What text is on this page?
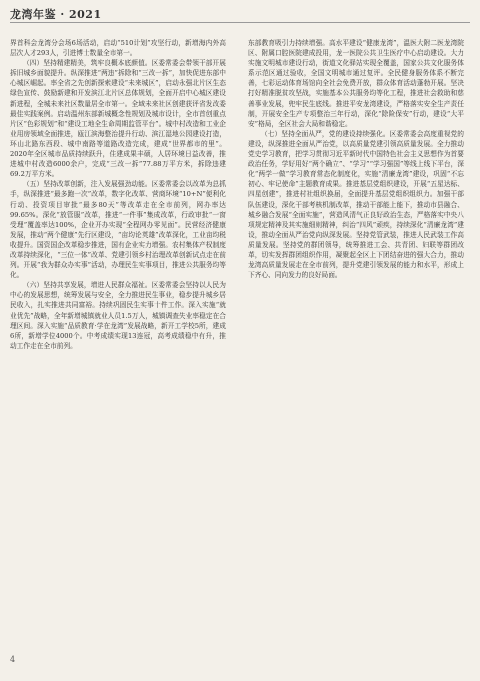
龙湾年鉴 · 2021

界首科会龙湾分会场6场活动，启动“510计划”攻坚行动，新增海内外高层次人才293人，引进博士数量全市第一。

（四）坚持精建精美，筑牢良概本底颜值。区委常委会带领干部开展拆旧城乡面貌提升。纵深推进“两违”拆除和“三改一拆”，加快促进东部中心城区崛起。率全省之先创新探索建设“未来城区”，启动永强北片区生态绿色宣传、鼓励新建和开发滨江北片区总体规划，全面开启中心城区建设新进程，全城未来社区数量居全市第一。全域未来社区创建获评省发改委最佳实践案例。启动温州东部新城概念性规划及城市设计，全市首创重点片区“色彩规划”和“建设工地全生命周期监管平台”。城中村改造和工业企业用房领域全面推进，瓯江滨海整治提升行动、滨江湿地公园建设打造，环山北路东西段、城中南路等道路改造完成，建成“世界都市的里”。2020年全区城市品质持续跃升，住建成果丰硕，人居环境日益改善，推进城中村改造6000余户，完成“三改一拆”77.88万平方米，拆除违建69.2万平方米。

（五）坚持改革创新，注入发展强劲动能。区委常委会以改革为总抓手，纵深推进“最多跑一次”改革，数字化改革、营商环境“10+N”便利化行动、投资项目审批“最多80天”等改革走在全市前列，网办率达99.65%。深化“放管服”改革，推进“一件事”集成改革，行政审批“一窗受理”覆盖率达100%，企业开办实现“全程网办零见面”。民营经济健康发展，推动“两个健康”先行区建设，“亩均论英雄”改革深化，工业亩均税收提升。国资国企改革稳步推进，国有企业实力增强。农村集体产权制度改革持续深化，“三位一体”改革、党建引领乡村治理改革创新试点走在前列。开展“我为群众办实事”活动，办理民生实事项目，推进公共服务均等化。

（六）坚持共享发展，增进人民群众福祉。区委常委会坚持以人民为中心的发展思想，统筹发展与安全，全力推进民生事业，稳步提升城乡居民收入，扎实推进共同富裕。持续巩固民生实事十件工作。深入实施“就业优先”战略，全年新增城镇就业人员1.5万人，城镇调查失业率稳定在合理区间。深入实施“品质教育·学在龙湾”发展战略，新开工学校5所，建成6所，新增学位4000个。中考成绩实现13连冠，高考成绩稳中有升，推动工作走在全市前列。

东部教育吸引力持续增强。高水平建设“健康龙湾”，温医大附二医龙湾院区、附属口腔医院建成投用，龙一医院公共卫生医疗中心启动建设。大力实施文明城市建设行动，街道文化驿站实现全覆盖，国家公共文化服务体系示范区通过验收，全国文明城市通过复评。全民健身服务体系不断完善，七彩运动体育场馆向全社会免费开放，群众体育活动蓬勃开展。坚决打好精准脱贫攻坚战，实施基本公共服务均等化工程，推进社会救助和慈善事业发展，兜牢民生底线。推进平安龙湾建设，严格落实安全生产责任制，开展安全生产专项整治三年行动，深化“除险保安”行动，建设“大平安”格局，全区社会大局和谐稳定。

（七）坚持全面从严，党的建设持续强化。区委常委会高度重视党的建设，纵深推进全面从严治党，以高质量党建引领高质量发展。全力推动党史学习教育，把学习贯彻习近平新时代中国特色社会主义思想作为首要政治任务，学好用好“两个确立”、“学习”“学习强国”等线上线下平台，深化“两学一做”学习教育常态化制度化，实施“清廉龙湾”建设，巩固“不忘初心、牢记使命”主题教育成果。推进基层党组织建设，开展“五星达标、四星创建”，推进村社组织换届，全面提升基层党组织组织力。加强干部队伍建设，深化干部考核机制改革，推动干部能上能下，推动市县融合、城乡融合发展“全面实施”，营造风清气正良好政治生态，严格落实中央八项规定精神及其实施细则精神，纠治“四风”顽疾，持续深化“清廉龙湾”建设，推动全面从严治党向纵深发展。坚持党管武装，推进人民武装工作高质量发展。坚持党的群团领导，统筹推进工会、共青团、妇联等群团改革，切实发挥群团组织作用，凝聚起全区上下团结奋进的强大合力，推动龙湾高质量发展走在全市前列，提升党建引领发展的能力和水平，形成上下齐心、同向发力的良好局面。

4
